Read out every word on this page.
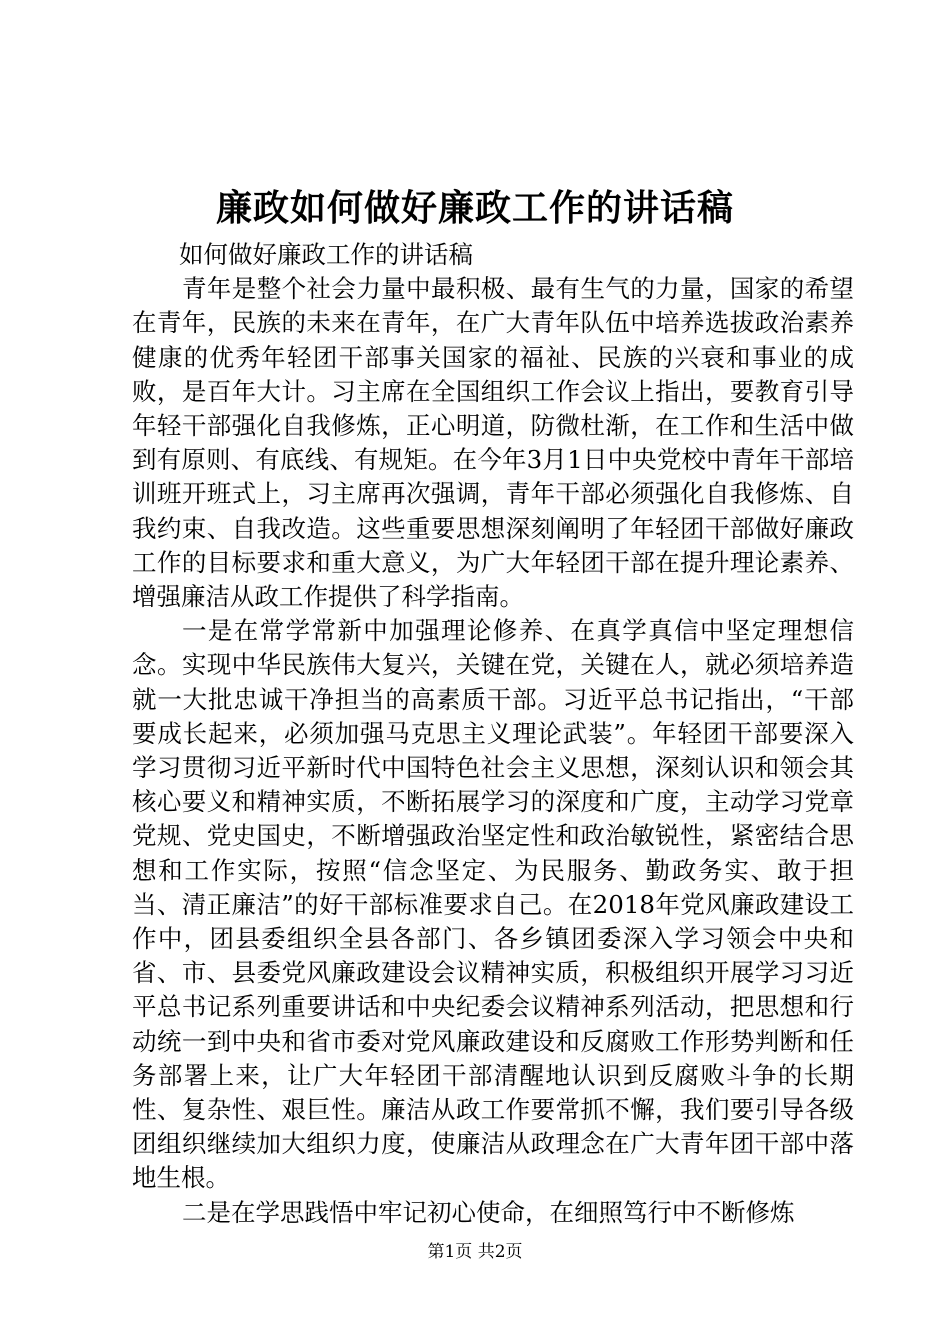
廉政如何做好廉政工作的讲话稿

如何做好廉政工作的讲话稿

青年是整个社会力量中最积极、最有生气的力量，国家的希望在青年，民族的未来在青年，在广大青年队伍中培养选拔政治素养健康的优秀年轻团干部事关国家的福祉、民族的兴衰和事业的成败，是百年大计。习主席在全国组织工作会议上指出，要教育引导年轻干部强化自我修炼，正心明道，防微杜渐，在工作和生活中做到有原则、有底线、有规矩。在今年3月1日中央党校中青年干部培训班开班式上，习主席再次强调，青年干部必须强化自我修炼、自我约束、自我改造。这些重要思想深刻阐明了年轻团干部做好廉政工作的目标要求和重大意义，为广大年轻团干部在提升理论素养、增强廉洁从政工作提供了科学指南。

一是在常学常新中加强理论修养、在真学真信中坚定理想信念。实现中华民族伟大复兴，关键在党，关键在人，就必须培养造就一大批忠诚干净担当的高素质干部。习近平总书记指出，“干部要成长起来，必须加强马克思主义理论武装”。年轻团干部要深入学习贯彻习近平新时代中国特色社会主义思想，深刻认识和领会其核心要义和精神实质，不断拓展学习的深度和广度，主动学习党章党规、党史国史，不断增强政治坚定性和政治敏锐性，紧密结合思想和工作实际，按照“信念坚定、为民服务、勤政务实、敢于担当、清正廉洁”的好干部标准要求自己。在2018年党风廉政建设工作中，团县委组织全县各部门、各乡镇团委深入学习领会中央和省、市、县委党风廉政建设会议精神实质，积极组织开展学习习近平总书记系列重要讲话和中央纪委会议精神系列活动，把思想和行动统一到中央和省市委对党风廉政建设和反腐败工作形势判断和任务部署上来，让广大年轻团干部清醒地认识到反腐败斗争的长期性、复杂性、艰巨性。廉洁从政工作要常抓不懈，我们要引导各级团组织继续加大组织力度，使廉洁从政理念在广大青年团干部中落地生根。

二是在学思践悟中牢记初心使命，在细照笃行中不断修炼

第1页 共2页
